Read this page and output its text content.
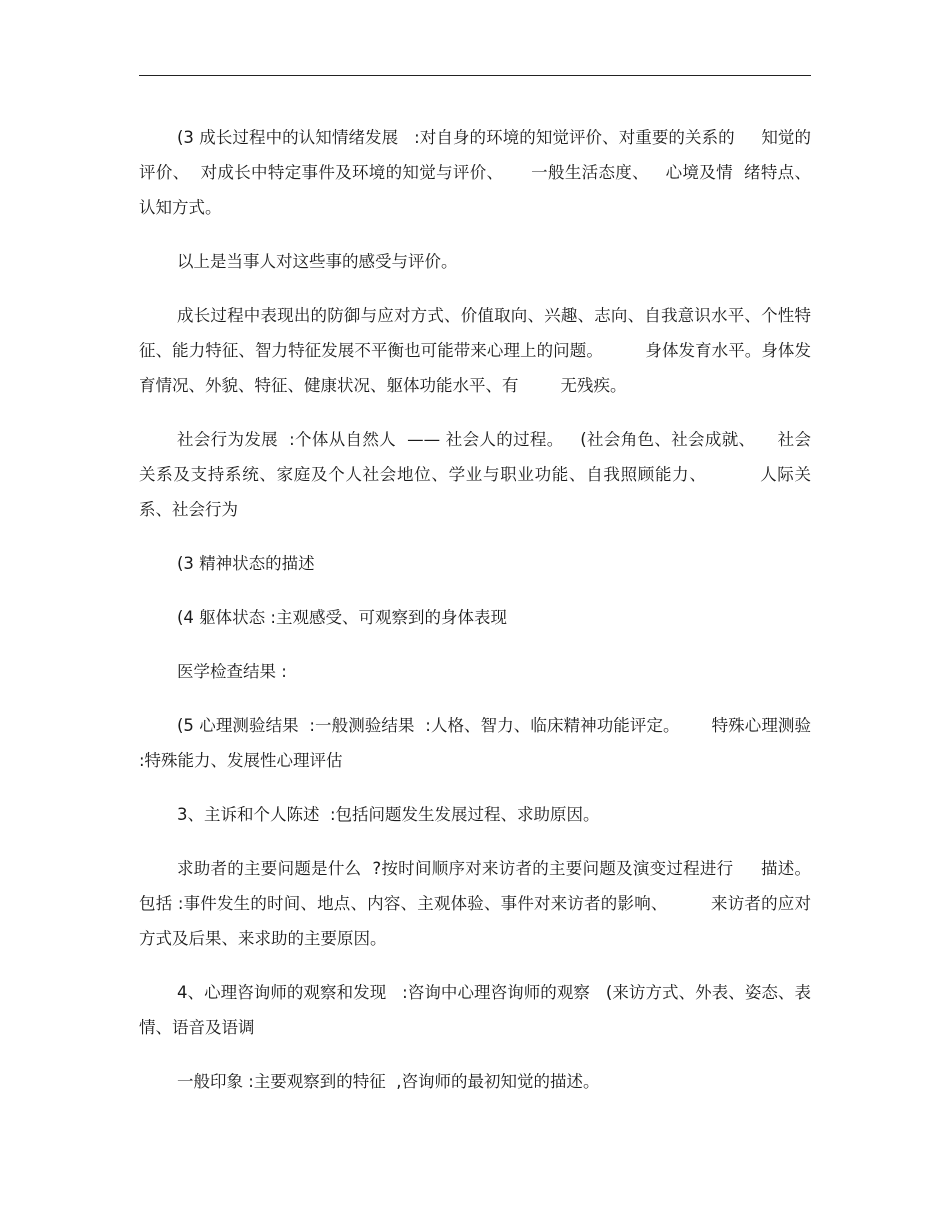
(3 成长过程中的认知情绪发展   :对自身的环境的知觉评价、对重要的关系的     知觉的评价、  对成长中特定事件及环境的知觉与评价、     一般生活态度、   心境及情  绪特点、认知方式。

以上是当事人对这些事的感受与评价。

成长过程中表现出的防御与应对方式、价值取向、兴趣、志向、自我意识水平、个性特征、能力特征、智力特征发展不平衡也可能带来心理上的问题。        身体发育水平。身体发育情况、外貌、特征、健康状况、躯体功能水平、有        无残疾。

社会行为发展  :个体从自然人  —— 社会人的过程。   (社会角色、社会成就、    社会关系及支持系统、家庭及个人社会地位、学业与职业功能、自我照顾能力、         人际关系、社会行为

(3 精神状态的描述

(4 躯体状态 :主观感受、可观察到的身体表现

医学检查结果 :

(5 心理测验结果  :一般测验结果  :人格、智力、临床精神功能评定。      特殊心理测验 :特殊能力、发展性心理评估

3、主诉和个人陈述  :包括问题发生发展过程、求助原因。

求助者的主要问题是什么  ?按时间顺序对来访者的主要问题及演变过程进行     描述。包括 :事件发生的时间、地点、内容、主观体验、事件对来访者的影响、        来访者的应对方式及后果、来求助的主要原因。

4、心理咨询师的观察和发现   :咨询中心理咨询师的观察   (来访方式、外表、姿态、表情、语音及语调

一般印象 :主要观察到的特征  ,咨询师的最初知觉的描述。
